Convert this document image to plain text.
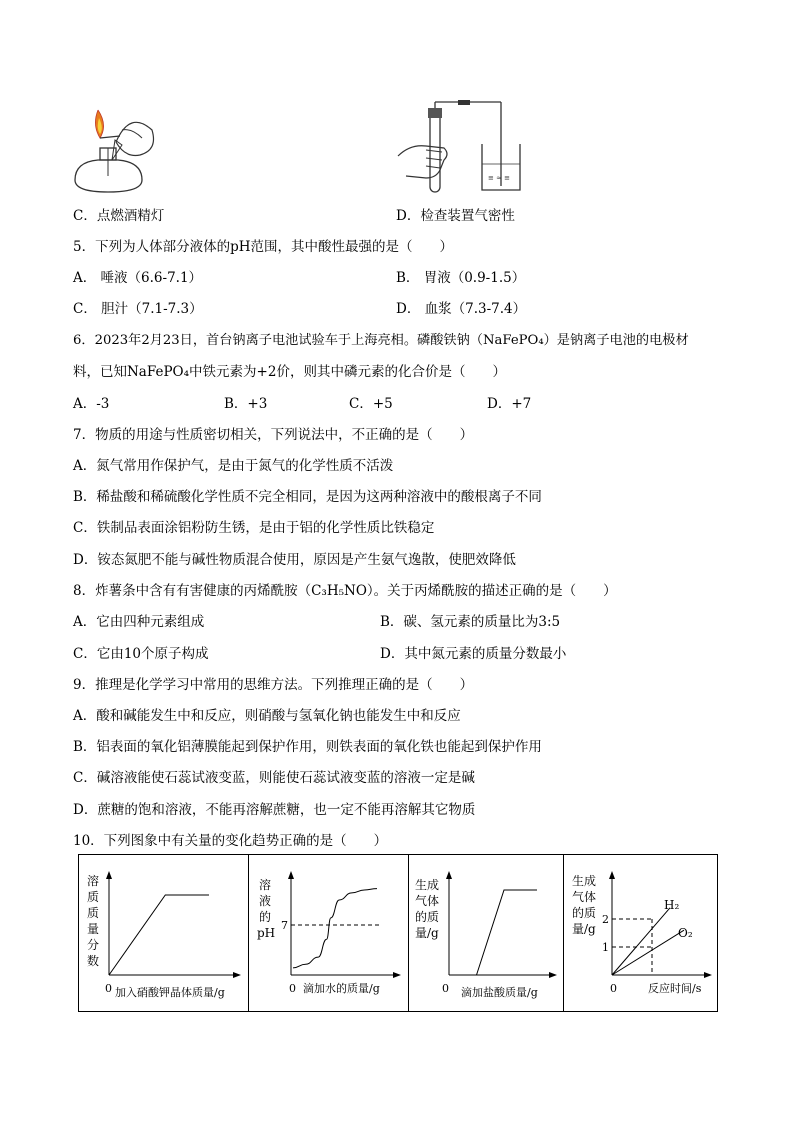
≡ ≈ ≡
C．点燃酒精灯	D．检查装置气密性
5．下列为人体部分液体的pH范围，其中酸性最强的是（　　）
A． 唾液（6.6-7.1）	B． 胃液（0.9-1.5）
C． 胆汁（7.1-7.3）	D． 血浆（7.3-7.4）
6．2023年2月23日，首台钠离子电池试验车于上海亮相。磷酸铁钠（NaFePO₄）是钠离子电池的电极材
料，已知NaFePO₄中铁元素为+2价，则其中磷元素的化合价是（　　）
A．-3	B．+3	C．+5	D．+7
7．物质的用途与性质密切相关，下列说法中，不正确的是（　　）
A．氮气常用作保护气，是由于氮气的化学性质不活泼
B．稀盐酸和稀硫酸化学性质不完全相同，是因为这两种溶液中的酸根离子不同
C．铁制品表面涂铝粉防生锈，是由于铝的化学性质比铁稳定
D．铵态氮肥不能与碱性物质混合使用，原因是产生氨气逸散，使肥效降低
8．炸薯条中含有有害健康的丙烯酰胺（C₃H₅NO）。关于丙烯酰胺的描述正确的是（　　）
A．它由四种元素组成	B．碳、氢元素的质量比为3:5
C．它由10个原子构成	D．其中氮元素的质量分数最小
9．推理是化学学习中常用的思维方法。下列推理正确的是（　　）
A．酸和碱能发生中和反应，则硝酸与氢氧化钠也能发生中和反应
B．铝表面的氧化铝薄膜能起到保护作用，则铁表面的氧化铁也能起到保护作用
C．碱溶液能使石蕊试液变蓝，则能使石蕊试液变蓝的溶液一定是碱
D．蔗糖的饱和溶液，不能再溶解蔗糖，也一定不能再溶解其它物质
10．下列图象中有关量的变化趋势正确的是（　　）
溶
质
质
量
分
数
0 加入硝酸钾晶体质量/g
溶
液
的
pH
7
0 滴加水的质量/g
生成
气体
的质
量/g
0 滴加盐酸质量/g
生成
气体
的质
量/g
1
2
H₂
O₂
0	反应时间/s
